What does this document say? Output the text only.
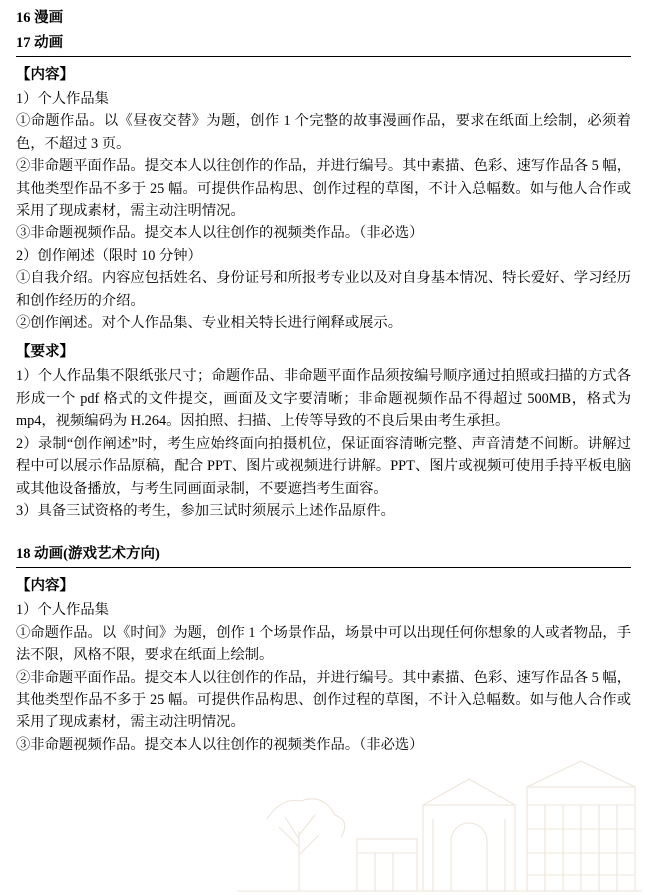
16 漫画
17 动画
【内容】

1）个人作品集

①命题作品。以《昼夜交替》为题，创作 1 个完整的故事漫画作品，要求在纸面上绘制，必须着色，不超过 3 页。

②非命题平面作品。提交本人以往创作的作品，并进行编号。其中素描、色彩、速写作品各 5 幅，其他类型作品不多于 25 幅。可提供作品构思、创作过程的草图，不计入总幅数。如与他人合作或采用了现成素材，需主动注明情况。

③非命题视频作品。提交本人以往创作的视频类作品。（非必选）

2）创作阐述（限时 10 分钟）

①自我介绍。内容应包括姓名、身份证号和所报考专业以及对自身基本情况、特长爱好、学习经历和创作经历的介绍。

②创作阐述。对个人作品集、专业相关特长进行阐释或展示。

【要求】

1）个人作品集不限纸张尺寸；命题作品、非命题平面作品须按编号顺序通过拍照或扫描的方式各形成一个 pdf 格式的文件提交，画面及文字要清晰；非命题视频作品不得超过 500MB，格式为 mp4，视频编码为 H.264。因拍照、扫描、上传等导致的不良后果由考生承担。

2）录制“创作阐述”时，考生应始终面向拍摄机位，保证面容清晰完整、声音清楚不间断。讲解过程中可以展示作品原稿，配合 PPT、图片或视频进行讲解。PPT、图片或视频可使用手持平板电脑或其他设备播放，与考生同画面录制，不要遮挡考生面容。

3）具备三试资格的考生，参加三试时须展示上述作品原件。

18 动画(游戏艺术方向)
【内容】

1）个人作品集

①命题作品。以《时间》为题，创作 1 个场景作品，场景中可以出现任何你想象的人或者物品，手法不限，风格不限，要求在纸面上绘制。

②非命题平面作品。提交本人以往创作的作品，并进行编号。其中素描、色彩、速写作品各 5 幅，其他类型作品不多于 25 幅。可提供作品构思、创作过程的草图，不计入总幅数。如与他人合作或采用了现成素材，需主动注明情况。

③非命题视频作品。提交本人以往创作的视频类作品。（非必选）
